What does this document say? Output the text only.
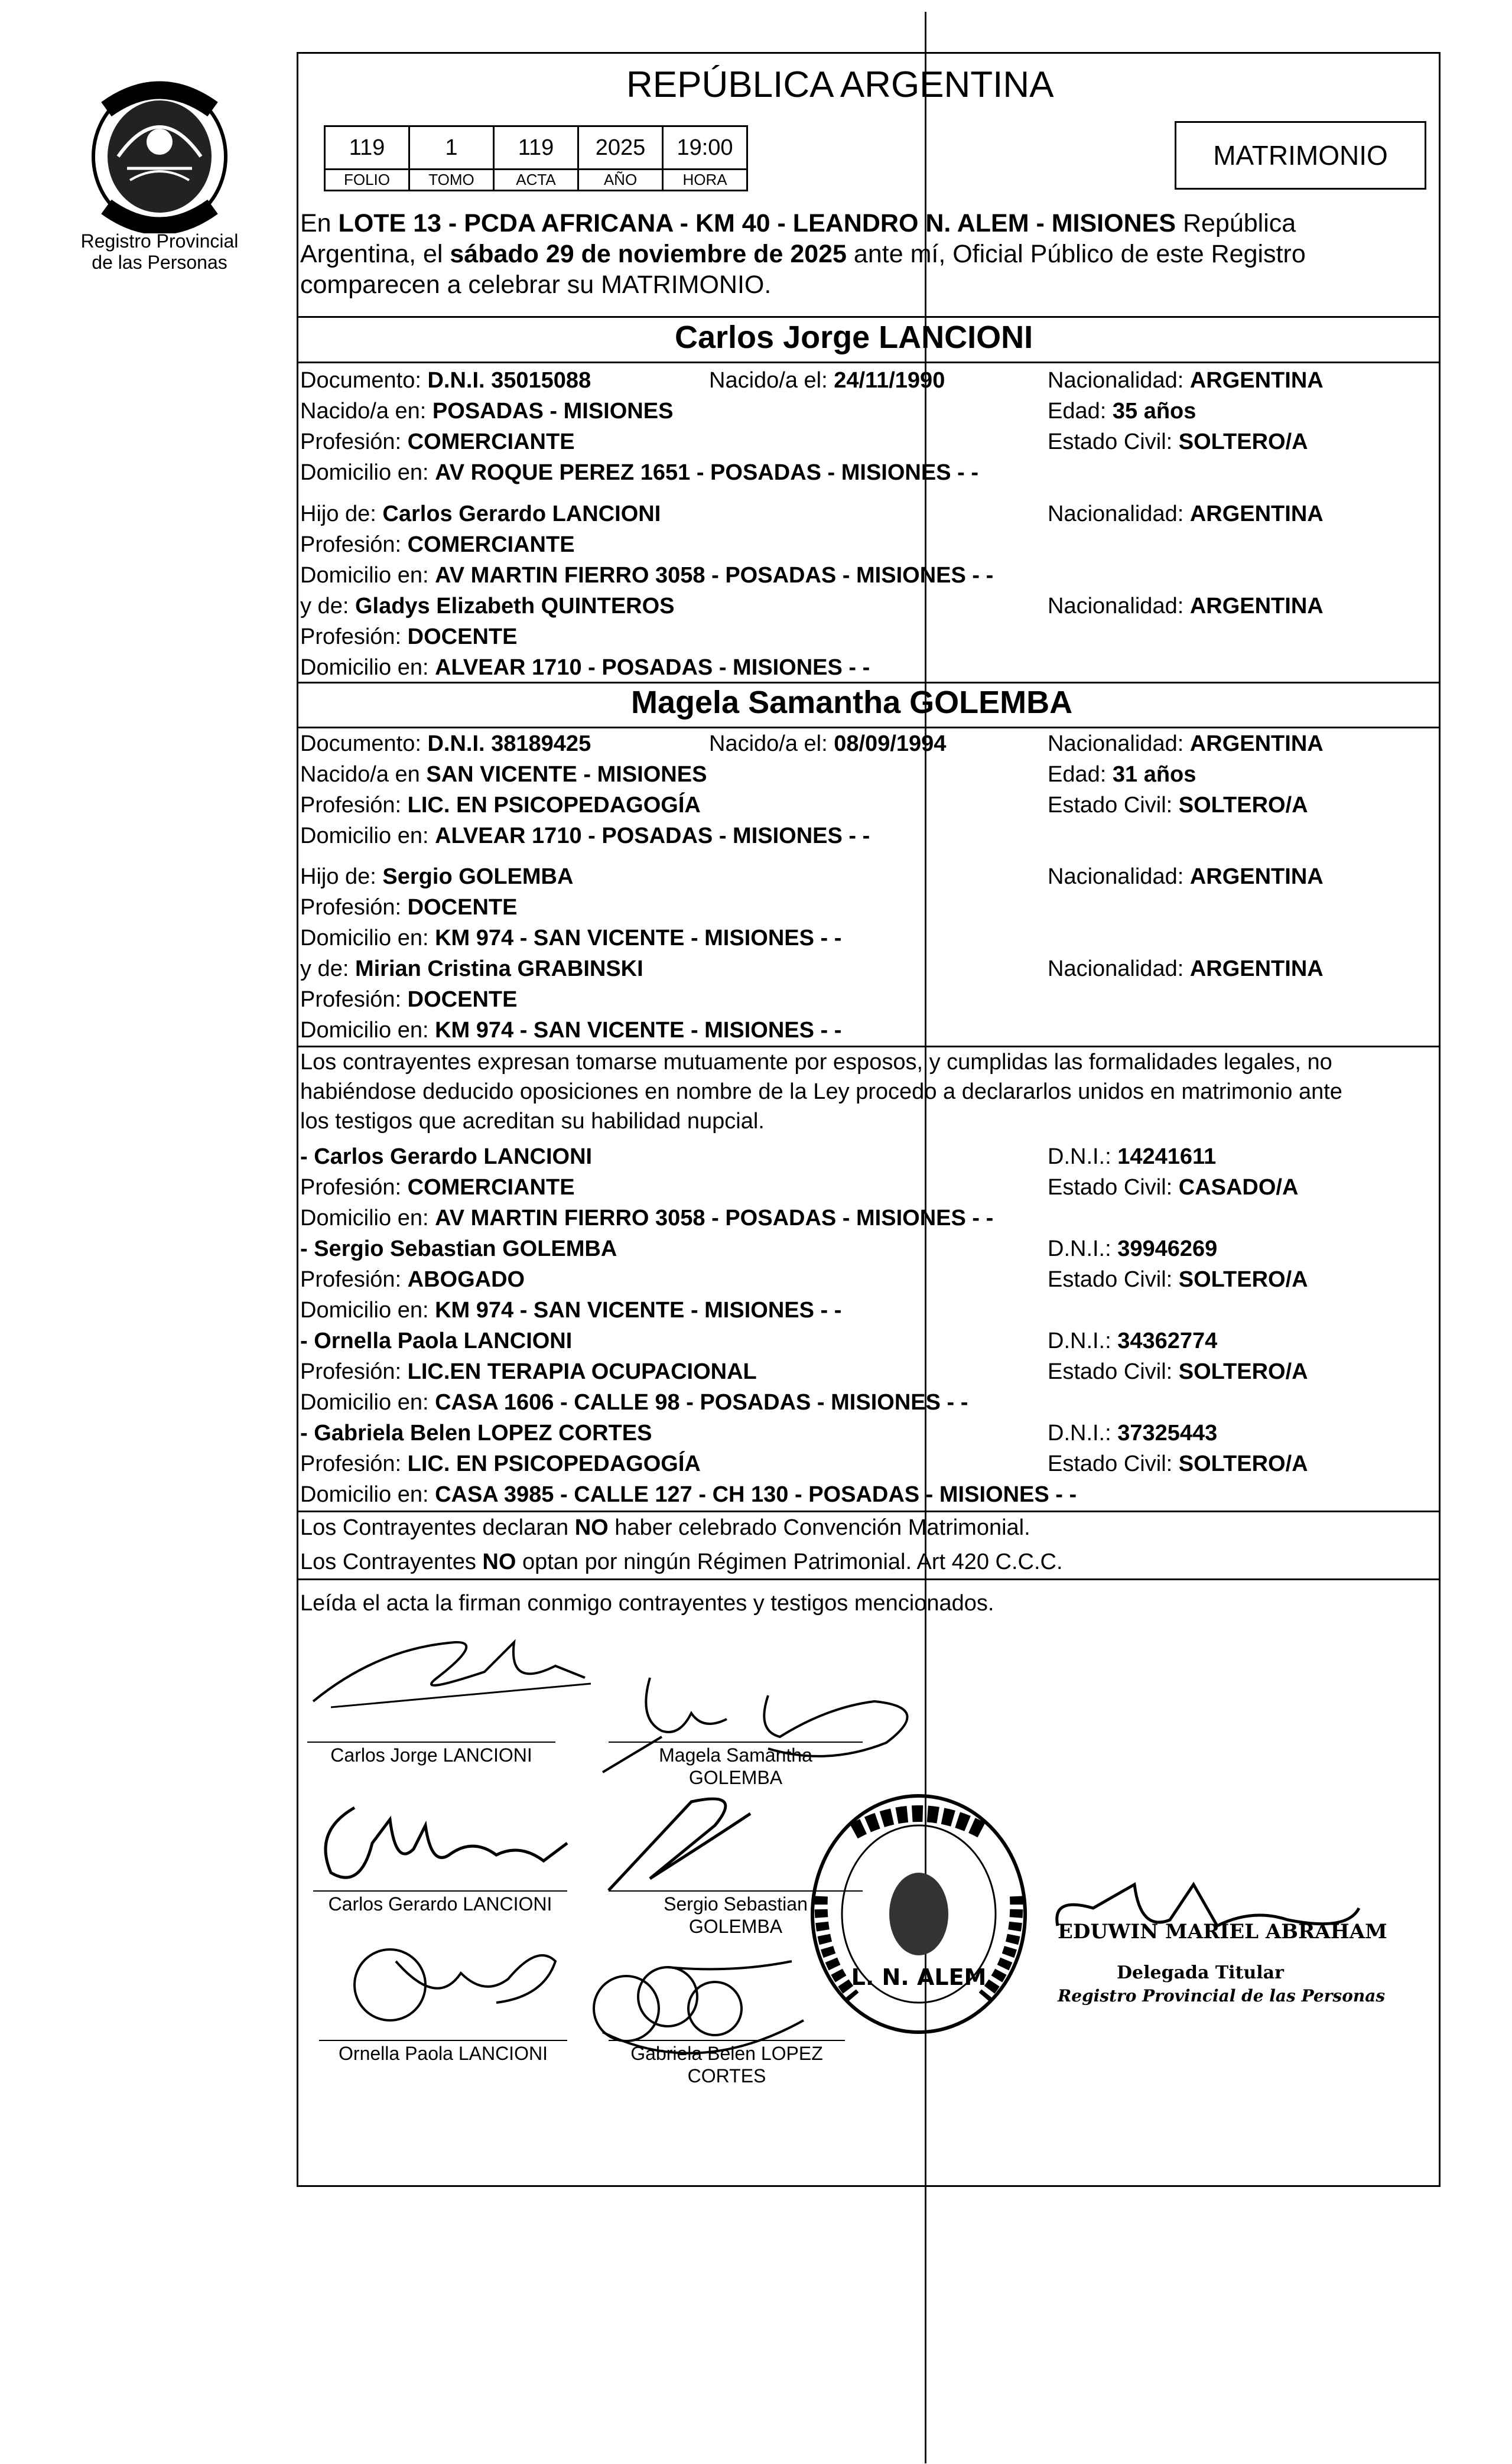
Registro Provincial
de las Personas
REPÚBLICA ARGENTINA
119	1	119	2025	19:00
FOLIO	TOMO	ACTA	AÑO	HORA
MATRIMONIO
En LOTE 13 - PCDA AFRICANA - KM 40 - LEANDRO N. ALEM - MISIONES República
Argentina, el sábado 29 de noviembre de 2025 ante mí, Oficial Público de este Registro
comparecen a celebrar su MATRIMONIO.
Carlos Jorge LANCIONI
Documento: D.N.I. 35015088	Nacido/a el: 24/11/1990	Nacionalidad: ARGENTINA
Nacido/a en: POSADAS - MISIONES	Edad: 35 años
Profesión: COMERCIANTE	Estado Civil: SOLTERO/A
Domicilio en: AV ROQUE PEREZ 1651 - POSADAS - MISIONES - -
Hijo de: Carlos Gerardo LANCIONI	Nacionalidad: ARGENTINA
Profesión: COMERCIANTE
Domicilio en: AV MARTIN FIERRO 3058 - POSADAS - MISIONES - -
y de: Gladys Elizabeth QUINTEROS	Nacionalidad: ARGENTINA
Profesión: DOCENTE
Domicilio en: ALVEAR 1710 - POSADAS - MISIONES - -
Magela Samantha GOLEMBA
Documento: D.N.I. 38189425	Nacido/a el: 08/09/1994	Nacionalidad: ARGENTINA
Nacido/a en SAN VICENTE - MISIONES	Edad: 31 años
Profesión: LIC. EN PSICOPEDAGOGÍA	Estado Civil: SOLTERO/A
Domicilio en: ALVEAR 1710 - POSADAS - MISIONES - -
Hijo de: Sergio GOLEMBA	Nacionalidad: ARGENTINA
Profesión: DOCENTE
Domicilio en: KM 974 - SAN VICENTE - MISIONES - -
y de: Mirian Cristina GRABINSKI	Nacionalidad: ARGENTINA
Profesión: DOCENTE
Domicilio en: KM 974 - SAN VICENTE - MISIONES - -
Los contrayentes expresan tomarse mutuamente por esposos, y cumplidas las formalidades legales, no
habiéndose deducido oposiciones en nombre de la Ley procedo a declararlos unidos en matrimonio ante
los testigos que acreditan su habilidad nupcial.
- Carlos Gerardo LANCIONI	D.N.I.: 14241611
Profesión: COMERCIANTE	Estado Civil: CASADO/A
Domicilio en: AV MARTIN FIERRO 3058 - POSADAS - MISIONES - -
- Sergio Sebastian GOLEMBA	D.N.I.: 39946269
Profesión: ABOGADO	Estado Civil: SOLTERO/A
Domicilio en: KM 974 - SAN VICENTE - MISIONES - -
- Ornella Paola LANCIONI	D.N.I.: 34362774
Profesión: LIC.EN TERAPIA OCUPACIONAL	Estado Civil: SOLTERO/A
Domicilio en: CASA 1606 - CALLE 98 - POSADAS - MISIONES - -
- Gabriela Belen LOPEZ CORTES	D.N.I.: 37325443
Profesión: LIC. EN PSICOPEDAGOGÍA	Estado Civil: SOLTERO/A
Domicilio en: CASA 3985 - CALLE 127 - CH 130 - POSADAS - MISIONES - -
Los Contrayentes declaran NO haber celebrado Convención Matrimonial.
Los Contrayentes NO optan por ningún Régimen Patrimonial. Art 420 C.C.C.
Leída el acta la firman conmigo contrayentes y testigos mencionados.
Carlos Jorge LANCIONI	Magela Samantha
GOLEMBA
Carlos Gerardo LANCIONI	Sergio Sebastian
GOLEMBA
Ornella Paola LANCIONI	Gabriela Belen LOPEZ
CORTES
L. N. ALEM
EDUWIN MARIEL ABRAHAM
Delegada Titular
Registro Provincial de las Personas
